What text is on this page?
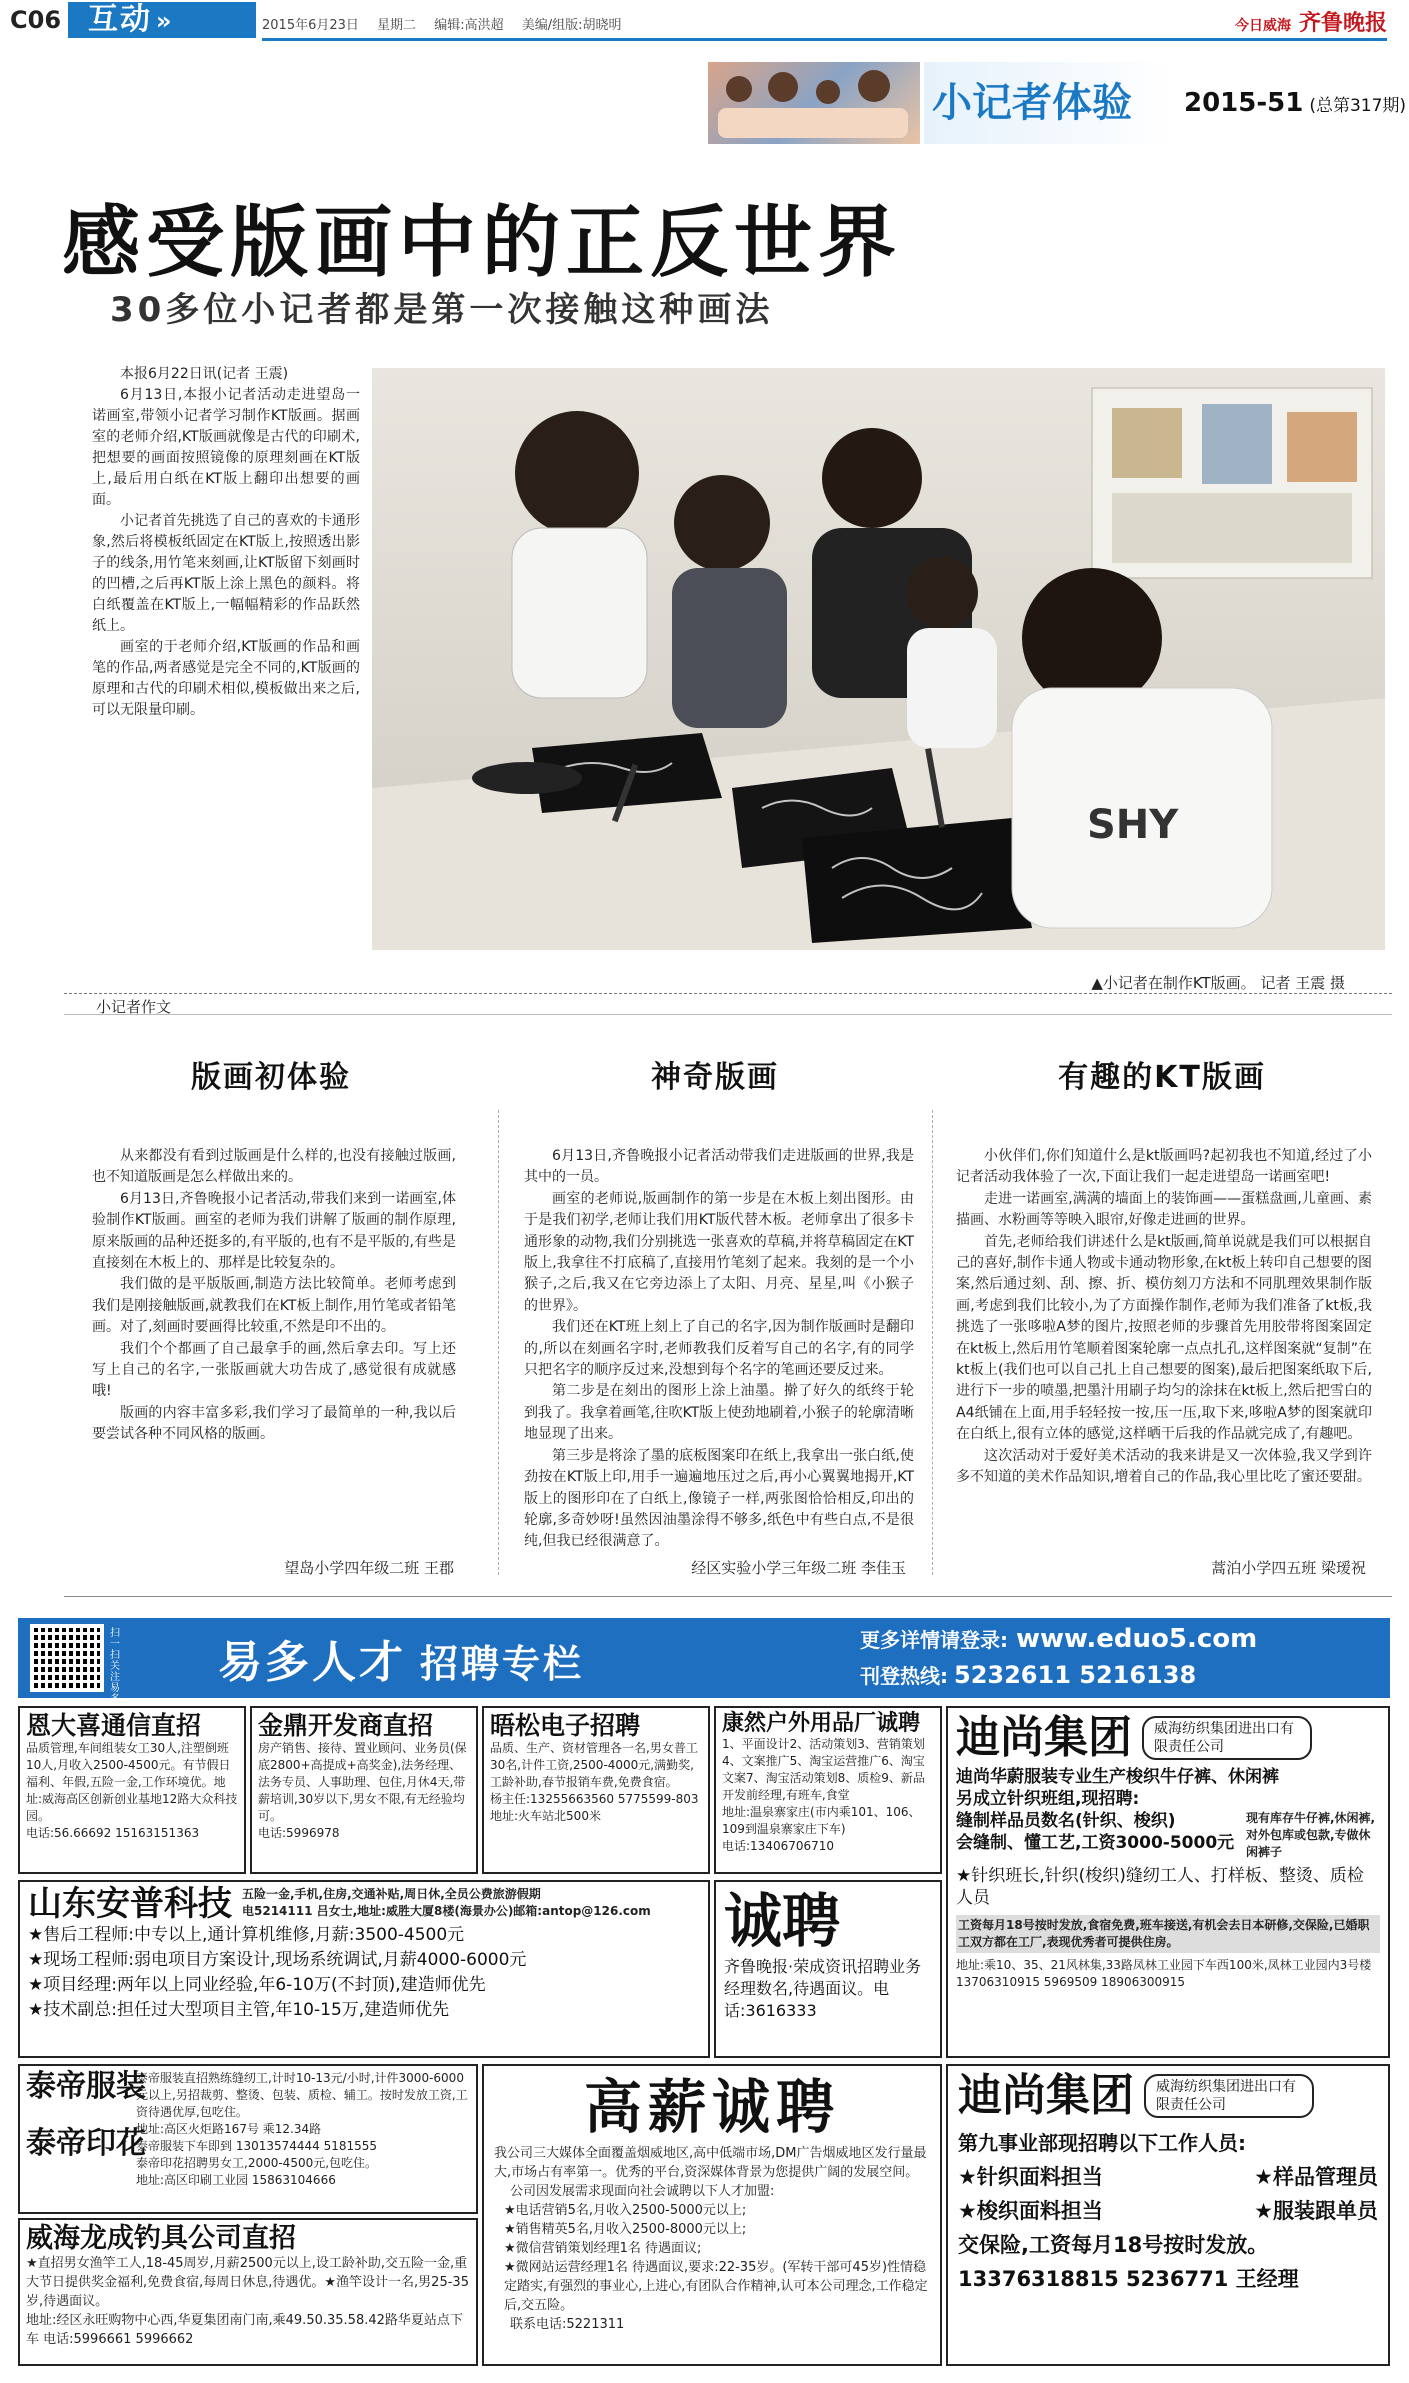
C06 互动 »	2015年6月23日 星期二 编辑:高洪超 美编/组版:胡晓明	今日威海 齐鲁晚报
小记者体验	2015-51 (总第317期)
感受版画中的正反世界
30多位小记者都是第一次接触这种画法

本报6月22日讯(记者 王震)

6月13日,本报小记者活动走进望岛一诺画室,带领小记者学习制作KT版画。据画室的老师介绍,KT版画就像是古代的印刷术,把想要的画面按照镜像的原理刻画在KT版上,最后用白纸在KT版上翻印出想要的画面。

小记者首先挑选了自己的喜欢的卡通形象,然后将模板纸固定在KT版上,按照透出影子的线条,用竹笔来刻画,让KT版留下刻画时的凹槽,之后再KT版上涂上黑色的颜料。将白纸覆盖在KT版上,一幅幅精彩的作品跃然纸上。

画室的于老师介绍,KT版画的作品和画笔的作品,两者感觉是完全不同的,KT版画的原理和古代的印刷术相似,模板做出来之后,可以无限量印刷。

SHY
▲小记者在制作KT版画。 记者 王震 摄
小记者作文
版画初体验

从来都没有看到过版画是什么样的,也没有接触过版画,也不知道版画是怎么样做出来的。

6月13日,齐鲁晚报小记者活动,带我们来到一诺画室,体验制作KT版画。画室的老师为我们讲解了版画的制作原理,原来版画的品种还挺多的,有平版的,也有不是平版的,有些是直接刻在木板上的、那样是比较复杂的。

我们做的是平版版画,制造方法比较简单。老师考虑到我们是刚接触版画,就教我们在KT板上制作,用竹笔或者铅笔画。对了,刻画时要画得比较重,不然是印不出的。

我们个个都画了自己最拿手的画,然后拿去印。写上还写上自己的名字,一张版画就大功告成了,感觉很有成就感哦!

版画的内容丰富多彩,我们学习了最简单的一种,我以后要尝试各种不同风格的版画。

望岛小学四年级二班 王郡
神奇版画

6月13日,齐鲁晚报小记者活动带我们走进版画的世界,我是其中的一员。

画室的老师说,版画制作的第一步是在木板上刻出图形。由于是我们初学,老师让我们用KT版代替木板。老师拿出了很多卡通形象的动物,我们分别挑选一张喜欢的草稿,并将草稿固定在KT版上,我拿往不打底稿了,直接用竹笔刻了起来。我刻的是一个小猴子,之后,我又在它旁边添上了太阳、月亮、星星,叫《小猴子的世界》。

我们还在KT班上刻上了自己的名字,因为制作版画时是翻印的,所以在刻画名字时,老师教我们反着写自己的名字,有的同学只把名字的顺序反过来,没想到每个名字的笔画还要反过来。

第二步是在刻出的图形上涂上油墨。擀了好久的纸终于轮到我了。我拿着画笔,往吹KT版上使劲地刷着,小猴子的轮廓清晰地显现了出来。

第三步是将涂了墨的底板图案印在纸上,我拿出一张白纸,使劲按在KT版上印,用手一遍遍地压过之后,再小心翼翼地揭开,KT版上的图形印在了白纸上,像镜子一样,两张图恰恰相反,印出的轮廓,多奇妙呀!虽然因油墨涂得不够多,纸色中有些白点,不是很纯,但我已经很满意了。

经区实验小学三年级二班 李佳玉
有趣的KT版画

小伙伴们,你们知道什么是kt版画吗?起初我也不知道,经过了小记者活动我体验了一次,下面让我们一起走进望岛一诺画室吧!

走进一诺画室,满满的墙面上的装饰画——蛋糕盘画,儿童画、素描画、水粉画等等映入眼帘,好像走进画的世界。

首先,老师给我们讲述什么是kt版画,简单说就是我们可以根据自己的喜好,制作卡通人物或卡通动物形象,在kt板上转印自己想要的图案,然后通过刻、刮、擦、折、模仿刻刀方法和不同肌理效果制作版画,考虑到我们比较小,为了方面操作制作,老师为我们准备了kt板,我挑选了一张哆啦A梦的图片,按照老师的步骤首先用胶带将图案固定在kt板上,然后用竹笔顺着图案轮廓一点点扎孔,这样图案就“复制”在kt板上(我们也可以自己扎上自己想要的图案),最后把图案纸取下后,进行下一步的喷墨,把墨汁用刷子均匀的涂抹在kt板上,然后把雪白的A4纸铺在上面,用手轻轻按一按,压一压,取下来,哆啦A梦的图案就印在白纸上,很有立体的感觉,这样晒干后我的作品就完成了,有趣吧。

这次活动对于爱好美术活动的我来讲是又一次体验,我又学到许多不知道的美术作品知识,增着自己的作品,我心里比吃了蜜还要甜。

蒿泊小学四五班 梁瑷祝
扫一扫 关注易多
易多人才 招聘专栏
更多详情请登录: www.eduo5.com
刊登热线: 5232611 5216138
恩大喜通信直招
品质管理,车间组装女工30人,注塑倒班10人,月收入2500-4500元。有节假日福利、年假,五险一金,工作环境优。地址:威海高区创新创业基地12路大众科技园。
电话:56.66692 15163151363
金鼎开发商直招
房产销售、接待、置业顾问、业务员(保底2800+高提成+高奖金),法务经理、法务专员、人事助理、包住,月休4天,带薪培训,30岁以下,男女不限,有无经验均可。
电话:5996978
晤松电子招聘
品质、生产、资材管理各一名,男女普工30名,计件工资,2500-4000元,满勤奖,工龄补助,春节报销车费,免费食宿。
杨主任:13255663560 5775599-803
地址:火车站北500米
康然户外用品厂诚聘
1、平面设计2、活动策划3、营销策划4、文案推广5、淘宝运营推广6、淘宝文案7、淘宝活动策划8、质检9、新品开发前经理,有班车,食堂
地址:温泉寨家庄(市内乘101、106、109到温泉寨家庄下车)
电话:13406706710
迪尚集团	威海纺织集团进出口有限责任公司
迪尚华蔚服装专业生产梭织牛仔裤、休闲裤
另成立针织班组,现招聘:
缝制样品员数名(针织、梭织)
会缝制、懂工艺,工资3000-5000元
现有库存牛仔裤,休闲裤,对外包库或包款,专做休闲裤子
★针织班长,针织(梭织)缝纫工人、打样板、整烫、质检人员
工资每月18号按时发放,食宿免费,班车接送,有机会去日本研修,交保险,已婚职工双方都在工厂,表现优秀者可提供住房。
地址:乘10、35、21风林集,33路凤林工业园下车西100米,凤林工业园内3号楼 13706310915 5969509 18906300915
山东安普科技 五险一金,手机,住房,交通补贴,周日休,全员公费旅游假期
电5214111 吕女士,地址:威胜大厦8楼(海景办公)邮箱:antop@126.com
★售后工程师:中专以上,通计算机维修,月薪:3500-4500元
★现场工程师:弱电项目方案设计,现场系统调试,月薪4000-6000元
★项目经理:两年以上同业经验,年6-10万(不封顶),建造师优先
★技术副总:担任过大型项目主管,年10-15万,建造师优先
诚聘
齐鲁晚报·荣成资讯招聘业务经理数名,待遇面议。电话:3616333
泰帝服装
泰帝印花
泰帝服装直招熟练缝纫工,计时10-13元/小时,计件3000-6000元以上,另招裁剪、整烫、包装、质检、辅工。按时发放工资,工资待遇优厚,包吃住。
地址:高区火炬路167号 乘12.34路
泰帝服装下车即到 13013574444 5181555
泰帝印花招聘男女工,2000-4500元,包吃住。
地址:高区印刷工业园 15863104666
威海龙成钓具公司直招
★直招男女渔竿工人,18-45周岁,月薪2500元以上,设工龄补助,交五险一金,重大节日提供奖金福利,免费食宿,每周日休息,待遇优。★渔竿设计一名,男25-35岁,待遇面议。
地址:经区永旺购物中心西,华夏集团南门南,乘49.50.35.58.42路华夏站点下车 电话:5996661 5996662
高薪诚聘
我公司三大媒体全面覆盖烟威地区,高中低端市场,DM广告烟威地区发行量最大,市场占有率第一。优秀的平台,资深媒体背景为您提供广阔的发展空间。
公司因发展需求现面向社会诚聘以下人才加盟:
★电话营销5名,月收入2500-5000元以上;
★销售精英5名,月收入2500-8000元以上;
★微信营销策划经理1名 待遇面议;
★微网站运营经理1名 待遇面议,要求:22-35岁。(军转干部可45岁)性情稳定踏实,有强烈的事业心,上进心,有团队合作精神,认可本公司理念,工作稳定后,交五险。
联系电话:5221311
迪尚集团	威海纺织集团进出口有限责任公司
第九事业部现招聘以下工作人员:
★针织面料担当	★样品管理员
★梭织面料担当	★服装跟单员
交保险,工资每月18号按时发放。
13376318815 5236771 王经理
